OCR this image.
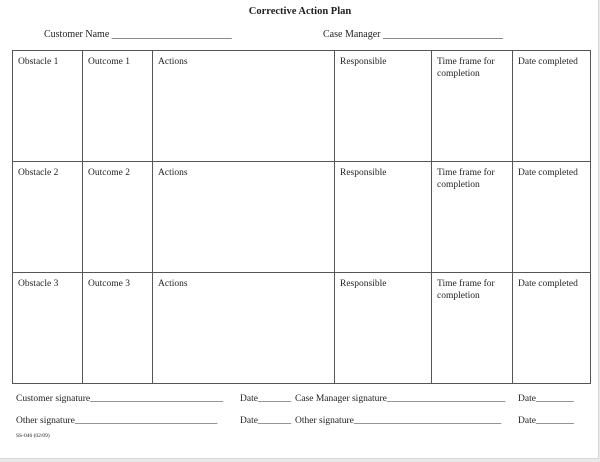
Corrective Action Plan
Customer Name ________________________	Case Manager ________________________
Obstacle 1	Outcome 1	Actions	Responsible	Time frame for completion	Date completed
Obstacle 2	Outcome 2	Actions	Responsible	Time frame for completion	Date completed
Obstacle 3	Outcome 3	Actions	Responsible	Time frame for completion	Date completed
Customer signature____________________________ Date_______ Case Manager signature_________________________ Date________
Other signature______________________________ Date_______ Other signature_______________________________ Date________
SS-046 (02/09)
